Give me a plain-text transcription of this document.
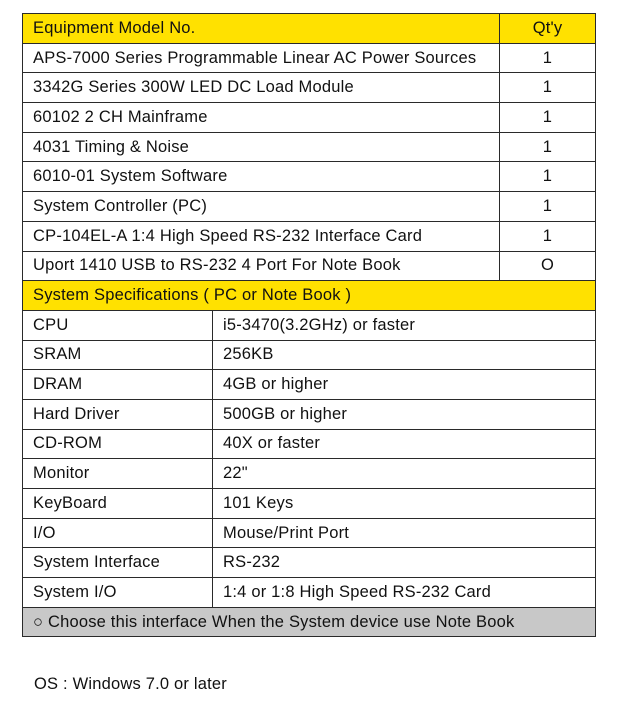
Equipment Model No.		Qt'y
APS-7000 Series Programmable Linear AC Power Sources		1
3342G Series 300W LED DC Load Module		1
60102 2 CH Mainframe		1
4031 Timing & Noise		1
6010-01 System Software		1
System Controller (PC)		1
CP-104EL-A 1:4 High Speed RS-232 Interface Card		1
Uport 1410 USB to RS-232 4 Port For Note Book		O
System Specifications ( PC or Note Book )		
CPU	i5-3470(3.2GHz) or faster	
SRAM	256KB	
DRAM	4GB or higher	
Hard Driver	500GB or higher	
CD-ROM	40X or faster	
Monitor	22"	
KeyBoard	101 Keys	
I/O	Mouse/Print Port	
System Interface	RS-232	
System I/O	1:4 or 1:8 High Speed RS-232 Card	
○ Choose this interface When the System device use Note Book		
OS : Windows 7.0 or later
